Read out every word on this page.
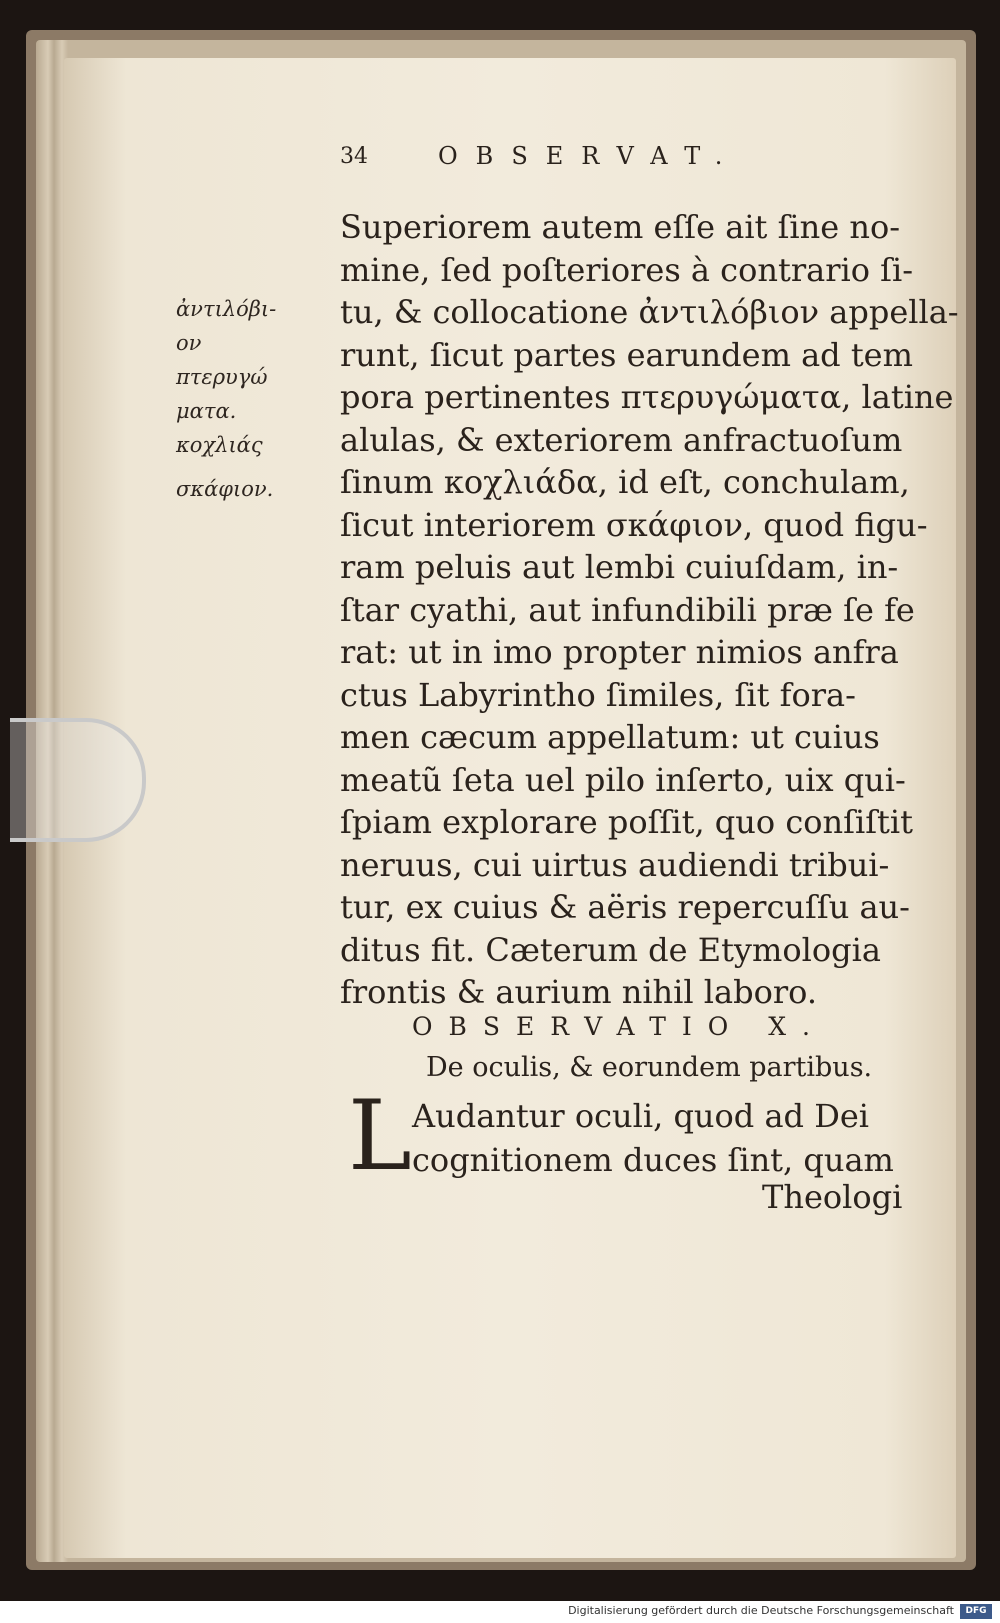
34	OBSERVAT.
ἀντιλόβι-
ον
πτερυγώ
ματα.
κοχλιάς
σκάφιον.
Superiorem autem eſſe ait ſine no-
mine, ſed poſteriores à contrario ſi-
tu, & collocatione ἀντιλόβιον appella-
runt, ſicut partes earundem ad tem
pora pertinentes πτερυγώματα, latine
alulas, & exteriorem anfractuoſum
ſinum κοχλιάδα, id eſt, conchulam,
ſicut interiorem σκάφιον, quod figu-
ram peluis aut lembi cuiuſdam, in-
ſtar cyathi, aut infundibili præ ſe fe
rat: ut in imo propter nimios anfra
ctus Labyrintho ſimiles, ſit fora-
men cæcum appellatum: ut cuius
meatũ ſeta uel pilo inſerto, uix qui-
ſpiam explorare poſſit, quo conſiſtit
neruus, cui uirtus audiendi tribui-
tur, ex cuius & aëris repercuſſu au-
ditus fit. Cæterum de Etymologia
frontis & aurium nihil laboro.
OBSERVATIO X.
De oculis, & eorundem partibus.
L Audantur oculi, quod ad Dei
cognitionem duces ſint, quam
Theologi
Digitalisierung gefördert durch die Deutsche Forschungsgemeinschaft	DFG
